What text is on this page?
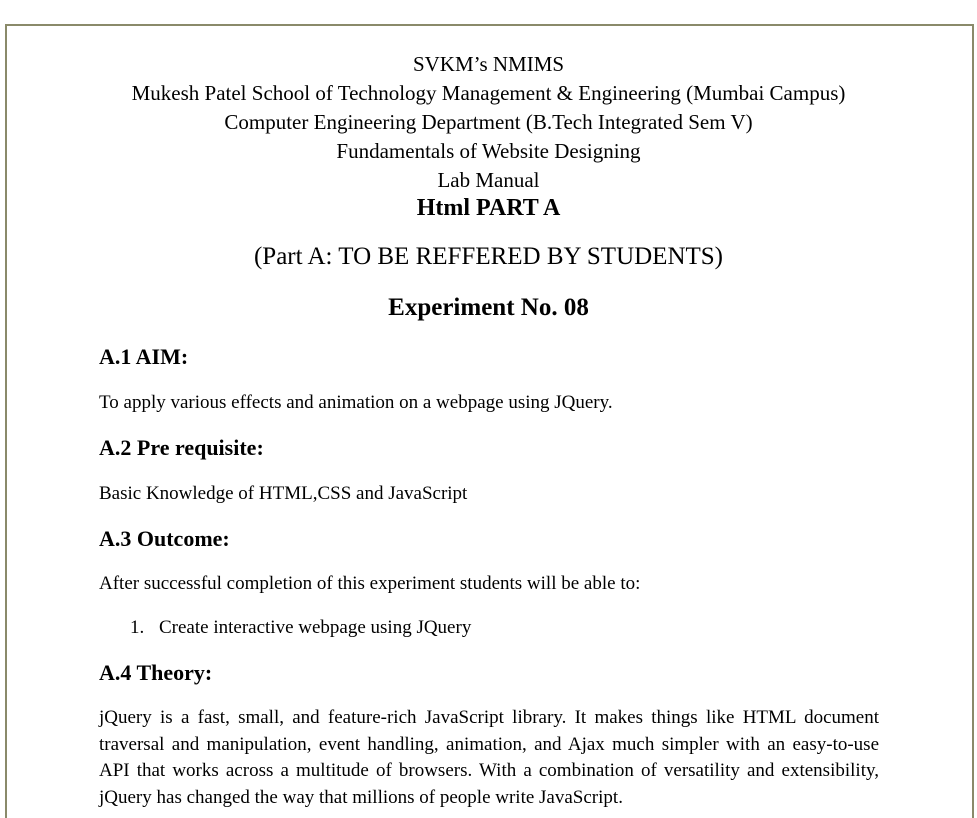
SVKM’s NMIMS
Mukesh Patel School of Technology Management & Engineering (Mumbai Campus)
Computer Engineering Department (B.Tech Integrated Sem V)
Fundamentals of Website Designing
Lab Manual
Html PART A
(Part A: TO BE REFFERED BY STUDENTS)
Experiment No. 08
A.1 AIM:
To apply various effects and animation on a webpage using JQuery.
A.2 Pre requisite:
Basic Knowledge of HTML,CSS and JavaScript
A.3 Outcome:
After successful completion of this experiment students will be able to:
1. Create interactive webpage using JQuery
A.4 Theory:
jQuery is a fast, small, and feature-rich JavaScript library. It makes things like HTML document traversal and manipulation, event handling, animation, and Ajax much simpler with an easy-to-use API that works across a multitude of browsers. With a combination of versatility and extensibility, jQuery has changed the way that millions of people write JavaScript.
